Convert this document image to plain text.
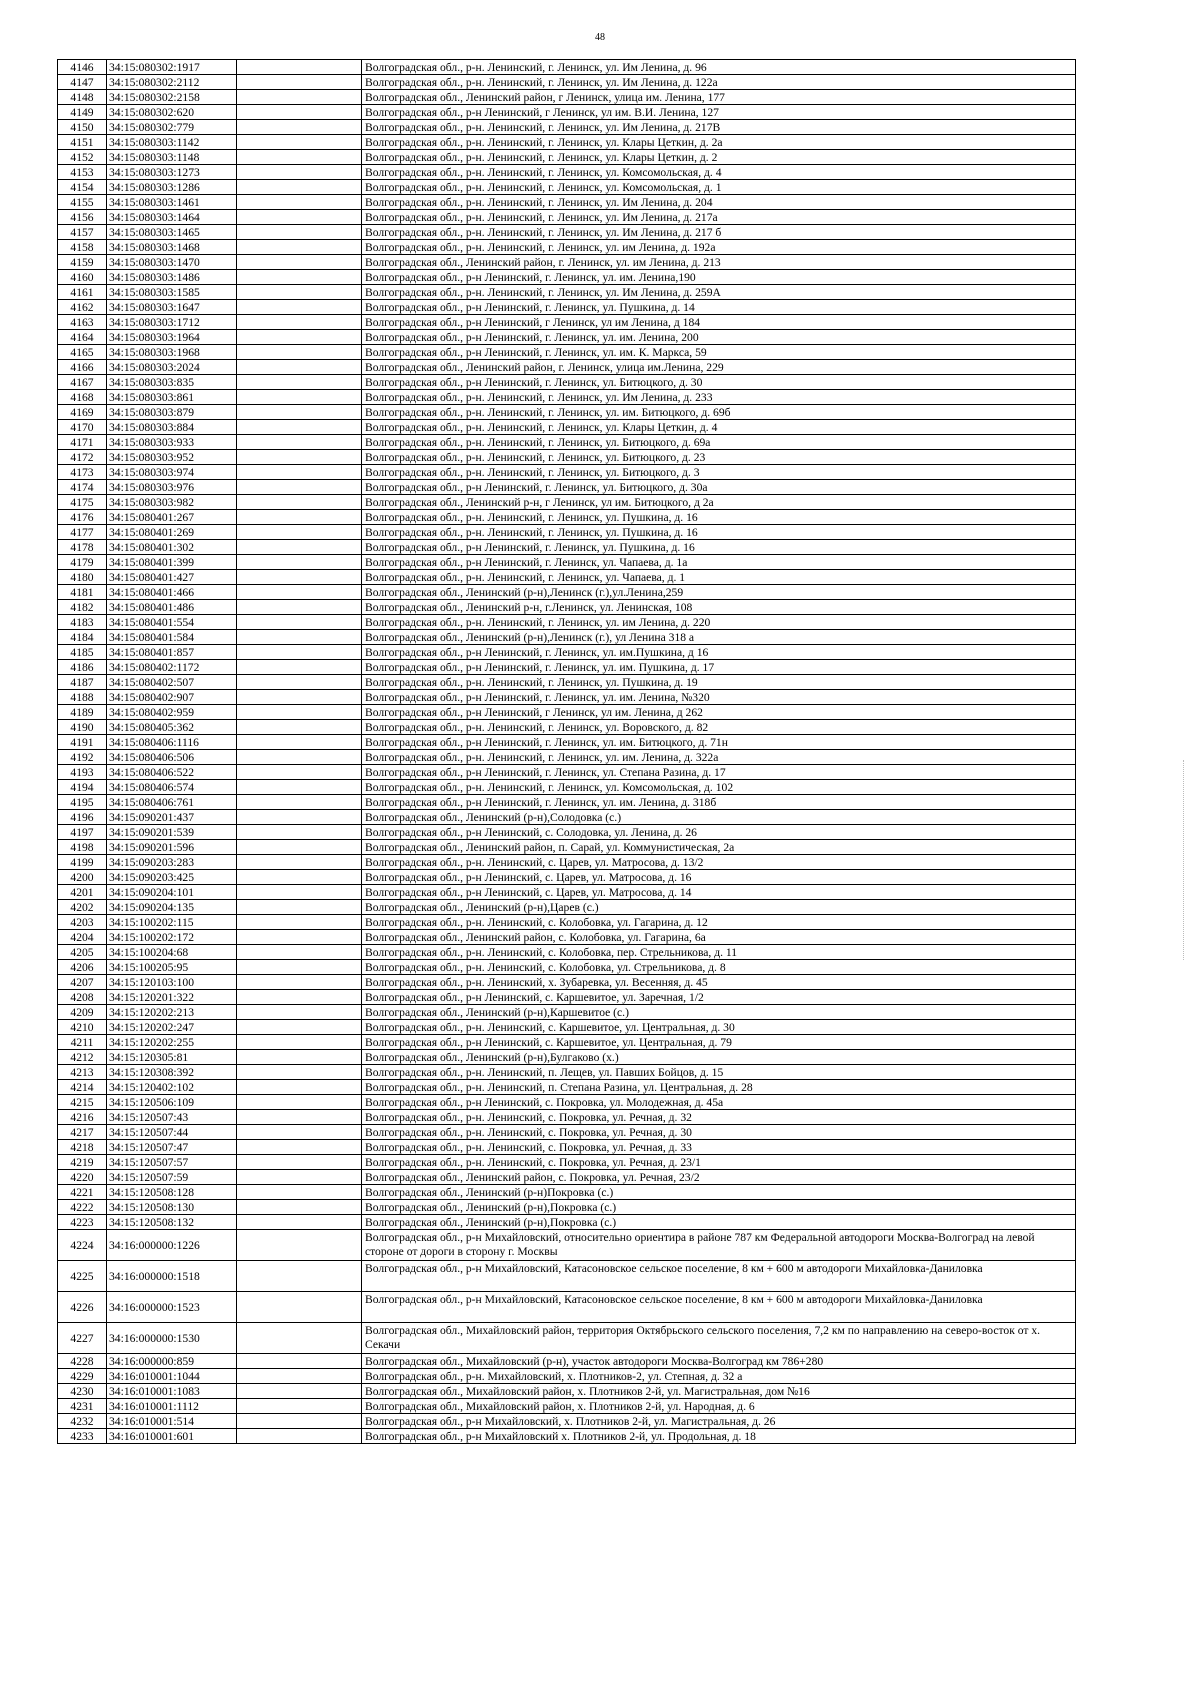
48
4146	34:15:080302:1917		Волгоградская обл., р-н. Ленинский, г. Ленинск, ул. Им Ленина, д. 96
4147	34:15:080302:2112		Волгоградская обл., р-н. Ленинский, г. Ленинск, ул. Им Ленина, д. 122а
4148	34:15:080302:2158		Волгоградская обл., Ленинский район, г Ленинск, улица им. Ленина, 177
4149	34:15:080302:620		Волгоградская обл., р-н Ленинский, г Ленинск, ул им. В.И. Ленина, 127
4150	34:15:080302:779		Волгоградская обл., р-н. Ленинский, г. Ленинск, ул. Им Ленина, д. 217В
4151	34:15:080303:1142		Волгоградская обл., р-н. Ленинский, г. Ленинск, ул. Клары Цеткин, д. 2а
4152	34:15:080303:1148		Волгоградская обл., р-н. Ленинский, г. Ленинск, ул. Клары Цеткин, д. 2
4153	34:15:080303:1273		Волгоградская обл., р-н. Ленинский, г. Ленинск, ул. Комсомольская, д. 4
4154	34:15:080303:1286		Волгоградская обл., р-н. Ленинский, г. Ленинск, ул. Комсомольская, д. 1
4155	34:15:080303:1461		Волгоградская обл., р-н. Ленинский, г. Ленинск, ул. Им Ленина, д. 204
4156	34:15:080303:1464		Волгоградская обл., р-н. Ленинский, г. Ленинск, ул. Им Ленина, д. 217а
4157	34:15:080303:1465		Волгоградская обл., р-н. Ленинский, г. Ленинск, ул. Им Ленина, д. 217 б
4158	34:15:080303:1468		Волгоградская обл., р-н. Ленинский, г. Ленинск, ул. им Ленина, д. 192а
4159	34:15:080303:1470		Волгоградская обл., Ленинский район, г. Ленинск, ул. им Ленина, д. 213
4160	34:15:080303:1486		Волгоградская обл., р-н Ленинский, г. Ленинск, ул. им. Ленина,190
4161	34:15:080303:1585		Волгоградская обл., р-н. Ленинский, г. Ленинск, ул. Им Ленина, д. 259А
4162	34:15:080303:1647		Волгоградская обл., р-н Ленинский, г. Ленинск, ул. Пушкина, д. 14
4163	34:15:080303:1712		Волгоградская обл., р-н Ленинский, г Ленинск, ул им Ленина, д 184
4164	34:15:080303:1964		Волгоградская обл., р-н Ленинский, г. Ленинск, ул. им. Ленина, 200
4165	34:15:080303:1968		Волгоградская обл., р-н Ленинский, г. Ленинск, ул. им. К. Маркса, 59
4166	34:15:080303:2024		Волгоградская обл., Ленинский район, г. Ленинск, улица им.Ленина, 229
4167	34:15:080303:835		Волгоградская обл., р-н Ленинский, г. Ленинск, ул. Битюцкого, д. 30
4168	34:15:080303:861		Волгоградская обл., р-н. Ленинский, г. Ленинск, ул. Им Ленина, д. 233
4169	34:15:080303:879		Волгоградская обл., р-н. Ленинский, г. Ленинск, ул. им. Битюцкого, д. 69б
4170	34:15:080303:884		Волгоградская обл., р-н. Ленинский, г. Ленинск, ул. Клары Цеткин, д. 4
4171	34:15:080303:933		Волгоградская обл., р-н. Ленинский, г. Ленинск, ул. Битюцкого, д. 69а
4172	34:15:080303:952		Волгоградская обл., р-н. Ленинский, г. Ленинск, ул. Битюцкого, д. 23
4173	34:15:080303:974		Волгоградская обл., р-н. Ленинский, г. Ленинск, ул. Битюцкого, д. 3
4174	34:15:080303:976		Волгоградская обл., р-н Ленинский, г. Ленинск, ул. Битюцкого, д. 30а
4175	34:15:080303:982		Волгоградская обл., Ленинский р-н, г Ленинск, ул им. Битюцкого, д 2а
4176	34:15:080401:267		Волгоградская обл., р-н. Ленинский, г. Ленинск, ул. Пушкина, д. 16
4177	34:15:080401:269		Волгоградская обл., р-н. Ленинский, г. Ленинск, ул. Пушкина, д. 16
4178	34:15:080401:302		Волгоградская обл., р-н Ленинский, г. Ленинск, ул. Пушкина, д. 16
4179	34:15:080401:399		Волгоградская обл., р-н Ленинский, г. Ленинск, ул. Чапаева, д. 1а
4180	34:15:080401:427		Волгоградская обл., р-н. Ленинский, г. Ленинск, ул. Чапаева, д. 1
4181	34:15:080401:466		Волгоградская обл., Ленинский (р-н),Ленинск (г.),ул.Ленина,259
4182	34:15:080401:486		Волгоградская обл., Ленинский р-н, г.Ленинск, ул. Ленинская, 108
4183	34:15:080401:554		Волгоградская обл., р-н. Ленинский, г. Ленинск, ул. им Ленина, д. 220
4184	34:15:080401:584		Волгоградская обл., Ленинский (р-н),Ленинск (г.), ул Ленина 318 а
4185	34:15:080401:857		Волгоградская обл., р-н Ленинский, г. Ленинск, ул. им.Пушкина, д 16
4186	34:15:080402:1172		Волгоградская обл., р-н Ленинский, г. Ленинск, ул. им. Пушкина, д. 17
4187	34:15:080402:507		Волгоградская обл., р-н. Ленинский, г. Ленинск, ул. Пушкина, д. 19
4188	34:15:080402:907		Волгоградская обл., р-н Ленинский, г. Ленинск, ул. им. Ленина, №320
4189	34:15:080402:959		Волгоградская обл., р-н Ленинский, г Ленинск, ул им. Ленина, д 262
4190	34:15:080405:362		Волгоградская обл., р-н. Ленинский, г. Ленинск, ул. Воровского, д. 82
4191	34:15:080406:1116		Волгоградская обл., р-н Ленинский, г. Ленинск, ул. им. Битюцкого, д. 71н
4192	34:15:080406:506		Волгоградская обл., р-н. Ленинский, г. Ленинск, ул. им. Ленина, д. 322а
4193	34:15:080406:522		Волгоградская обл., р-н Ленинский, г. Ленинск, ул. Степана Разина, д. 17
4194	34:15:080406:574		Волгоградская обл., р-н. Ленинский, г. Ленинск, ул. Комсомольская, д. 102
4195	34:15:080406:761		Волгоградская обл., р-н Ленинский, г. Ленинск, ул. им. Ленина, д. 318б
4196	34:15:090201:437		Волгоградская обл., Ленинский (р-н),Солодовка (с.)
4197	34:15:090201:539		Волгоградская обл., р-н Ленинский, с. Солодовка, ул. Ленина, д. 26
4198	34:15:090201:596		Волгоградская обл., Ленинский район, п. Сарай, ул. Коммунистическая, 2а
4199	34:15:090203:283		Волгоградская обл., р-н. Ленинский, с. Царев, ул. Матросова, д. 13/2
4200	34:15:090203:425		Волгоградская обл., р-н Ленинский, с. Царев, ул. Матросова, д. 16
4201	34:15:090204:101		Волгоградская обл., р-н Ленинский, с. Царев, ул. Матросова, д. 14
4202	34:15:090204:135		Волгоградская обл., Ленинский (р-н),Царев (с.)
4203	34:15:100202:115		Волгоградская обл., р-н. Ленинский, с. Колобовка, ул. Гагарина, д. 12
4204	34:15:100202:172		Волгоградская обл., Ленинский район, с. Колобовка, ул. Гагарина, 6а
4205	34:15:100204:68		Волгоградская обл., р-н. Ленинский, с. Колобовка, пер. Стрельникова, д. 11
4206	34:15:100205:95		Волгоградская обл., р-н. Ленинский, с. Колобовка, ул. Стрельникова, д. 8
4207	34:15:120103:100		Волгоградская обл., р-н. Ленинский, х. Зубаревка, ул. Весенняя, д. 45
4208	34:15:120201:322		Волгоградская обл., р-н Ленинский, с. Каршевитое, ул. Заречная, 1/2
4209	34:15:120202:213		Волгоградская обл., Ленинский (р-н),Каршевитое (с.)
4210	34:15:120202:247		Волгоградская обл., р-н. Ленинский, с. Каршевитое, ул. Центральная, д. 30
4211	34:15:120202:255		Волгоградская обл., р-н Ленинский, с. Каршевитое, ул. Центральная, д. 79
4212	34:15:120305:81		Волгоградская обл., Ленинский (р-н),Булгаково (х.)
4213	34:15:120308:392		Волгоградская обл., р-н. Ленинский, п. Лещев, ул. Павших Бойцов, д. 15
4214	34:15:120402:102		Волгоградская обл., р-н. Ленинский, п. Степана Разина, ул. Центральная, д. 28
4215	34:15:120506:109		Волгоградская обл., р-н Ленинский, с. Покровка, ул. Молодежная, д. 45а
4216	34:15:120507:43		Волгоградская обл., р-н. Ленинский, с. Покровка, ул. Речная, д. 32
4217	34:15:120507:44		Волгоградская обл., р-н. Ленинский, с. Покровка, ул. Речная, д. 30
4218	34:15:120507:47		Волгоградская обл., р-н. Ленинский, с. Покровка, ул. Речная, д. 33
4219	34:15:120507:57		Волгоградская обл., р-н. Ленинский, с. Покровка, ул. Речная, д. 23/1
4220	34:15:120507:59		Волгоградская обл., Ленинский район, с. Покровка, ул. Речная, 23/2
4221	34:15:120508:128		Волгоградская обл., Ленинский (р-н)Покровка (с.)
4222	34:15:120508:130		Волгоградская обл., Ленинский (р-н),Покровка (с.)
4223	34:15:120508:132		Волгоградская обл., Ленинский (р-н),Покровка (с.)
4224	34:16:000000:1226		Волгоградская обл., р-н Михайловский, относительно ориентира в районе 787 км Федеральной автодороги Москва-Волгоград на левой стороне от дороги в сторону г. Москвы
4225	34:16:000000:1518		Волгоградская обл., р-н Михайловский, Катасоновское сельское поселение, 8 км + 600 м автодороги Михайловка-Даниловка
4226	34:16:000000:1523		Волгоградская обл., р-н Михайловский, Катасоновское сельское поселение, 8 км + 600 м автодороги Михайловка-Даниловка
4227	34:16:000000:1530		Волгоградская обл., Михайловский район, территория Октябрьского сельского поселения, 7,2 км по направлению на северо-восток от х. Секачи
4228	34:16:000000:859		Волгоградская обл., Михайловский (р-н), участок автодороги Москва-Волгоград км 786+280
4229	34:16:010001:1044		Волгоградская обл., р-н. Михайловский, х. Плотников-2, ул. Степная, д. 32 а
4230	34:16:010001:1083		Волгоградская обл., Михайловский район, х. Плотников 2-й, ул. Магистральная, дом №16
4231	34:16:010001:1112		Волгоградская обл., Михайловский район, х. Плотников 2-й, ул. Народная, д. 6
4232	34:16:010001:514		Волгоградская обл., р-н Михайловский, х. Плотников 2-й, ул. Магистральная, д. 26
4233	34:16:010001:601		Волгоградская обл., р-н Михайловский х. Плотников 2-й, ул. Продольная, д. 18
